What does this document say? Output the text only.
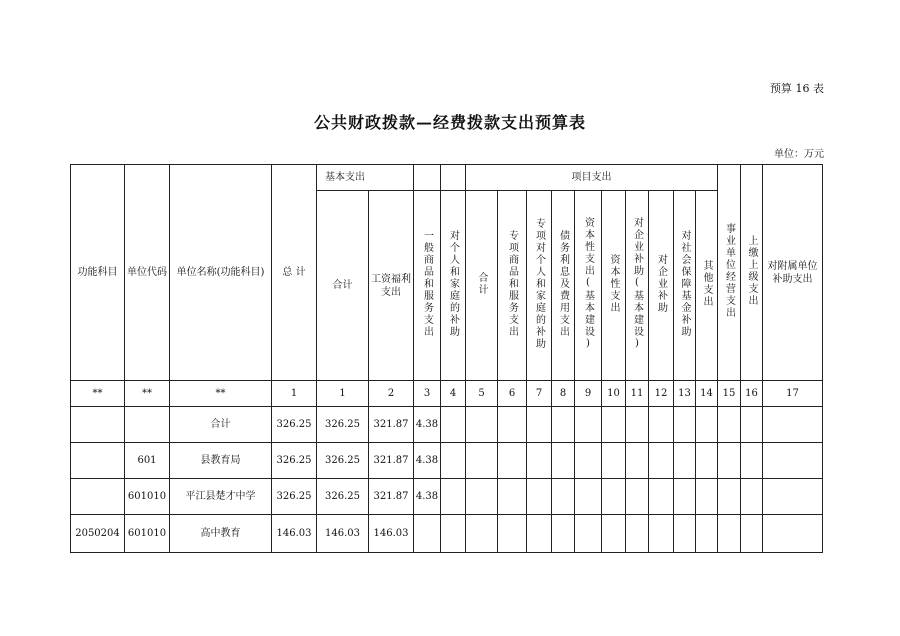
预算 16 表
公共财政拨款—经费拨款支出预算表
单位：万元
功能科目	单位代码	单位名称(功能科目)	总 计	基本支出				项目支出										事业单位经营支出	上缴上级支出	对附属单位补助支出
				合计	工资福利支出	一般商品和服务支出	对个人和家庭的补助	合计	专项商品和服务支出	专项对个人和家庭的补助	债务利息及费用支出	资本性支出(基本建设)	资本性支出	对企业补助(基本建设)	对企业补助	对社会保障基金补助	其他支出			
**	**	**	1	1	2	3	4	5	6	7	8	9	10	11	12	13	14	15	16	17
		合计	326.25	326.25	321.87	4.38														
	601	县教育局	326.25	326.25	321.87	4.38														
	601010	平江县楚才中学	326.25	326.25	321.87	4.38														
2050204	601010	高中教育	146.03	146.03	146.03															
